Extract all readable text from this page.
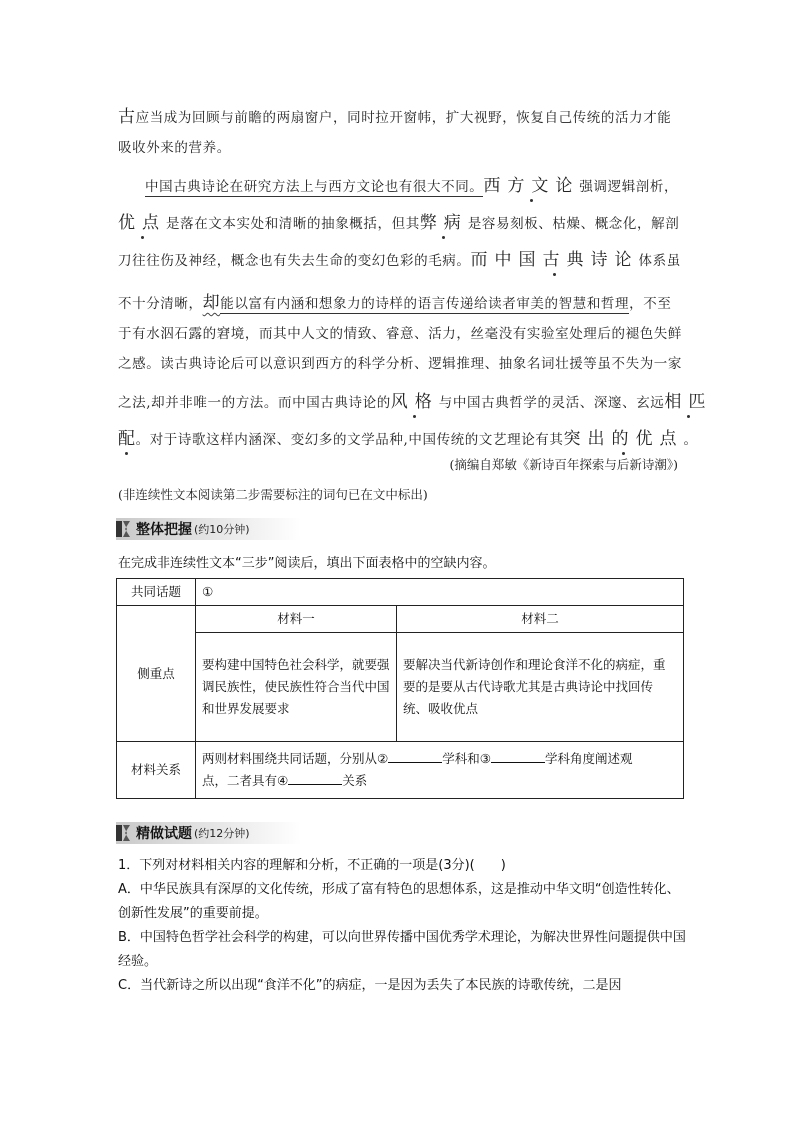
古应当成为回顾与前瞻的两扇窗户，同时拉开窗帏，扩大视野，恢复自己传统的活力才能
吸收外来的营养。
中国古典诗论在研究方法上与西方文论也有很大不同。西方文论强调逻辑剖析，
优点是落在文本实处和清晰的抽象概括，但其弊病是容易刻板、枯燥、概念化，解剖
刀往往伤及神经，概念也有失去生命的变幻色彩的毛病。而中国古典诗论体系虽
不十分清晰，却能以富有内涵和想象力的诗样的语言传递给读者审美的智慧和哲理，不至
于有水泅石露的窘境，而其中人文的情致、睿意、活力，丝毫没有实验室处理后的褪色失鲜
之感。读古典诗论后可以意识到西方的科学分析、逻辑推理、抽象名词壮援等虽不失为一家
之法,却并非唯一的方法。而中国古典诗论的风格与中国古典哲学的灵活、深邃、玄远相匹
配。对于诗歌这样内涵深、变幻多的文学品种,中国传统的文艺理论有其突出的优点。
(摘编自郑敏《新诗百年探索与后新诗潮》)
(非连续性文本阅读第二步需要标注的词句已在文中标出)
整体把握 (约10分钟)
在完成非连续性文本“三步”阅读后，填出下面表格中的空缺内容。
共同话题	①	
侧重点	材料一	材料二
	要构建中国特色社会科学，就要强调民族性，使民族性符合当代中国和世界发展要求	要解决当代新诗创作和理论食洋不化的病症，重要的是要从古代诗歌尤其是古典诗论中找回传统、吸收优点
材料关系	两则材料围绕共同话题，分别从② 学科和③ 学科角度阐述观
点，二者具有④ 关系	
精做试题 (约12分钟)
1．下列对材料相关内容的理解和分析，不正确的一项是(3分)(　　)
A．中华民族具有深厚的文化传统，形成了富有特色的思想体系，这是推动中华文明“创造性转化、创新性发展”的重要前提。
B．中国特色哲学社会科学的构建，可以向世界传播中国优秀学术理论，为解决世界性问题提供中国经验。
C．当代新诗之所以出现“食洋不化”的病症，一是因为丢失了本民族的诗歌传统，二是因
